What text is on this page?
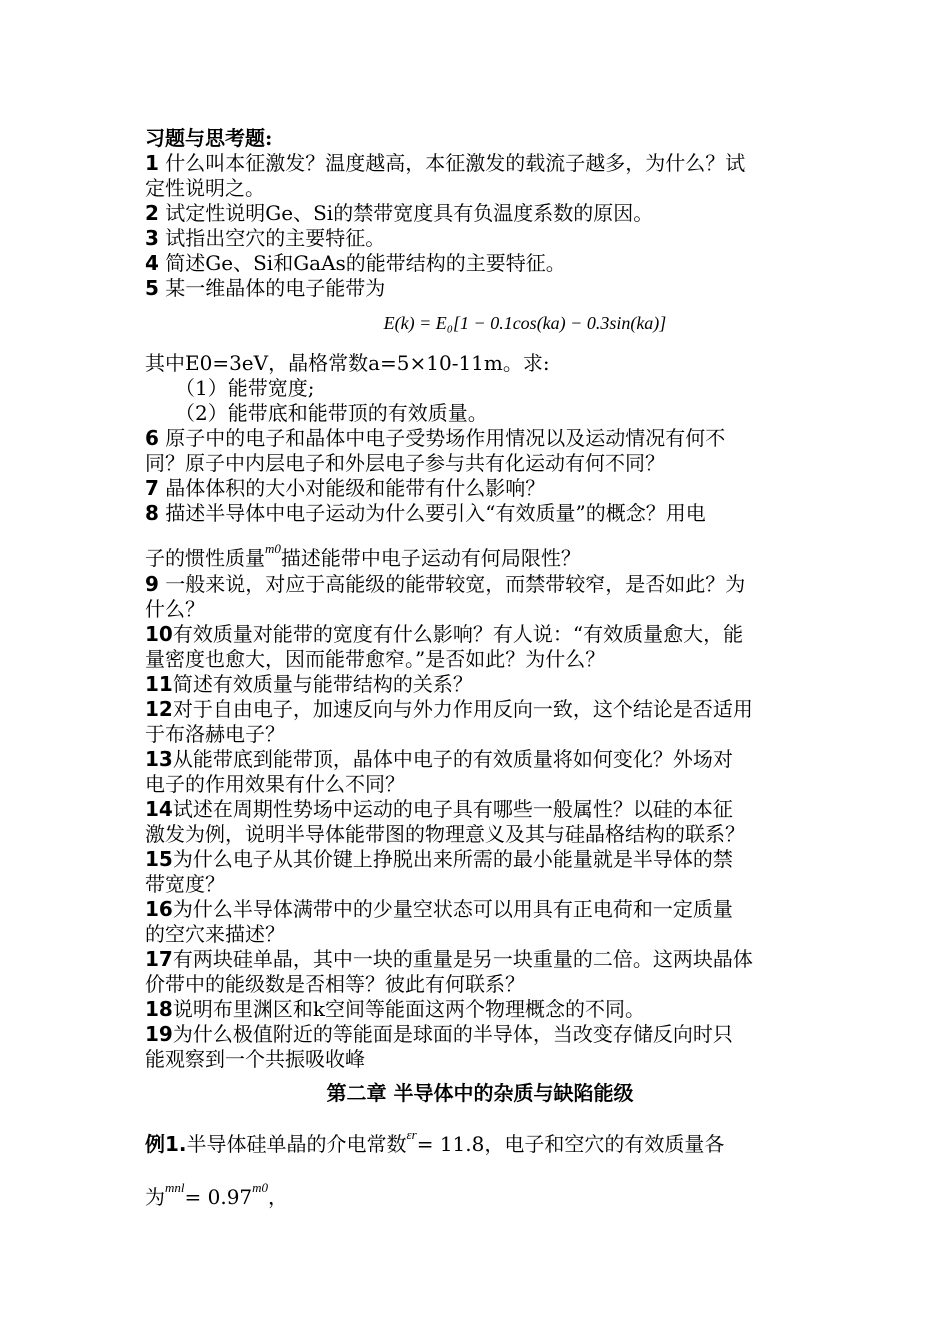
习题与思考题:
1 什么叫本征激发？温度越高，本征激发的载流子越多，为什么？试
定性说明之。
2 试定性说明Ge、Si的禁带宽度具有负温度系数的原因。
3 试指出空穴的主要特征。
4 简述Ge、Si和GaAs的能带结构的主要特征。
5 某一维晶体的电子能带为
E(k) = E₀[1 − 0.1cos(ka) − 0.3sin(ka)]
其中E0=3eV，晶格常数a=5×10-11m。求:
（1）能带宽度;
（2）能带底和能带顶的有效质量。
6 原子中的电子和晶体中电子受势场作用情况以及运动情况有何不
同？原子中内层电子和外层电子参与共有化运动有何不同？
7 晶体体积的大小对能级和能带有什么影响？
8 描述半导体中电子运动为什么要引入“有效质量”的概念？用电
子的惯性质量$^{m0}$描述能带中电子运动有何局限性？
9 一般来说，对应于高能级的能带较宽，而禁带较窄，是否如此？为
什么？
10有效质量对能带的宽度有什么影响？有人说：“有效质量愈大，能
量密度也愈大，因而能带愈窄。”是否如此？为什么？
11简述有效质量与能带结构的关系？
12对于自由电子，加速反向与外力作用反向一致，这个结论是否适用
于布洛赫电子？
13从能带底到能带顶，晶体中电子的有效质量将如何变化？外场对
电子的作用效果有什么不同？
14试述在周期性势场中运动的电子具有哪些一般属性？以硅的本征
激发为例，说明半导体能带图的物理意义及其与硅晶格结构的联系？
15为什么电子从其价键上挣脱出来所需的最小能量就是半导体的禁
带宽度？
16为什么半导体满带中的少量空状态可以用具有正电荷和一定质量
的空穴来描述？
17有两块硅单晶，其中一块的重量是另一块重量的二倍。这两块晶体
价带中的能级数是否相等？彼此有何联系？
18说明布里渊区和k空间等能面这两个物理概念的不同。
19为什么极值附近的等能面是球面的半导体，当改变存储反向时只
能观察到一个共振吸收峰
第二章 半导体中的杂质与缺陷能级
例1.半导体硅单晶的介电常数$^{\varepsilon r}$= 11.8，电子和空穴的有效质量各
为$^{mnl}= 0.97^{m0}$，
